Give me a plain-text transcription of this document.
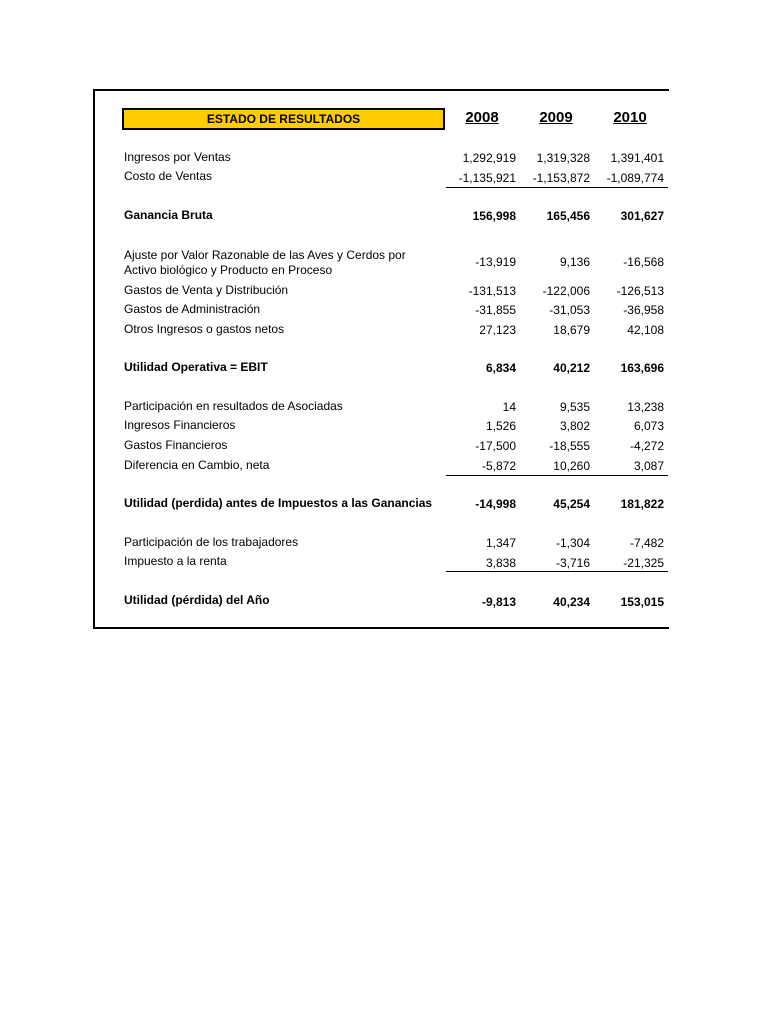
ESTADO DE RESULTADOS	2008	2009	2010
Ingresos por Ventas	1,292,919	1,319,328	1,391,401
Costo de Ventas	-1,135,921	-1,153,872	-1,089,774
Ganancia Bruta	156,998	165,456	301,627
Ajuste por Valor Razonable de las Aves y Cerdos por
Activo biológico y Producto en Proceso
-13,919	9,136	-16,568
Gastos de Venta y Distribución	-131,513	-122,006	-126,513
Gastos de Administración	-31,855	-31,053	-36,958
Otros Ingresos o gastos netos	27,123	18,679	42,108
Utilidad Operativa = EBIT	6,834	40,212	163,696
Participación en resultados de Asociadas	14	9,535	13,238
Ingresos Financieros	1,526	3,802	6,073
Gastos Financieros	-17,500	-18,555	-4,272
Diferencia en Cambio, neta	-5,872	10,260	3,087
Utilidad (perdida) antes de Impuestos a las Ganancias	-14,998	45,254	181,822
Participación de los trabajadores	1,347	-1,304	-7,482
Impuesto a la renta	3,838	-3,716	-21,325
Utilidad (pérdida) del Año	-9,813	40,234	153,015
